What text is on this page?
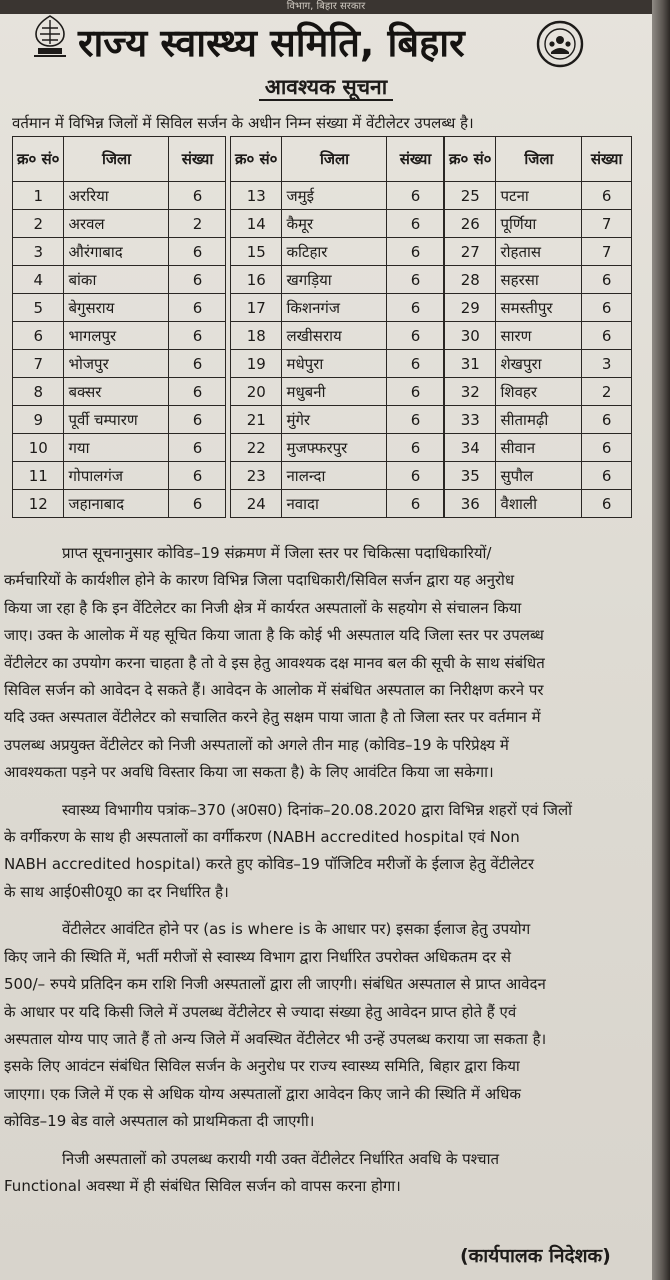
विभाग, बिहार सरकार
राज्य स्वास्थ्य समिति, बिहार
आवश्यक सूचना
वर्तमान में विभिन्न जिलों में सिविल सर्जन के अधीन निम्न संख्या में वेंटीलेटर उपलब्ध है।
क्र० सं०	जिला	संख्या
1	अररिया	6
2	अरवल	2
3	औरंगाबाद	6
4	बांका	6
5	बेगुसराय	6
6	भागलपुर	6
7	भोजपुर	6
8	बक्सर	6
9	पूर्वी चम्पारण	6
10	गया	6
11	गोपालगंज	6
12	जहानाबाद	6
क्र० सं०	जिला	संख्या
13	जमुई	6
14	कैमूर	6
15	कटिहार	6
16	खगड़िया	6
17	किशनगंज	6
18	लखीसराय	6
19	मधेपुरा	6
20	मधुबनी	6
21	मुंगेर	6
22	मुजफ्फरपुर	6
23	नालन्दा	6
24	नवादा	6
क्र० सं०	जिला	संख्या
25	पटना	6
26	पूर्णिया	7
27	रोहतास	7
28	सहरसा	6
29	समस्तीपुर	6
30	सारण	6
31	शेखपुरा	3
32	शिवहर	2
33	सीतामढ़ी	6
34	सीवान	6
35	सुपौल	6
36	वैशाली	6
प्राप्त सूचनानुसार कोविड–19 संक्रमण में जिला स्तर पर चिकित्सा पदाधिकारियों/
कर्मचारियों के कार्यशील होने के कारण विभिन्न जिला पदाधिकारी/सिविल सर्जन द्वारा यह अनुरोध
किया जा रहा है कि इन वेंटिलेटर का निजी क्षेत्र में कार्यरत अस्पतालों के सहयोग से संचालन किया
जाए। उक्त के आलोक में यह सूचित किया जाता है कि कोई भी अस्पताल यदि जिला स्तर पर उपलब्ध
वेंटीलेटर का उपयोग करना चाहता है तो वे इस हेतु आवश्यक दक्ष मानव बल की सूची के साथ संबंधित
सिविल सर्जन को आवेदन दे सकते हैं। आवेदन के आलोक में संबंधित अस्पताल का निरीक्षण करने पर
यदि उक्त अस्पताल वेंटीलेटर को सचालित करने हेतु सक्षम पाया जाता है तो जिला स्तर पर वर्तमान में
उपलब्ध अप्रयुक्त वेंटीलेटर को निजी अस्पतालों को अगले तीन माह (कोविड–19 के परिप्रेक्ष्य में
आवश्यकता पड़ने पर अवधि विस्तार किया जा सकता है) के लिए आवंटित किया जा सकेगा।
स्वास्थ्य विभागीय पत्रांक–370 (अ0स0) दिनांक–20.08.2020 द्वारा विभिन्न शहरों एवं जिलों
के वर्गीकरण के साथ ही अस्पतालों का वर्गीकरण (NABH accredited hospital एवं Non
NABH accredited hospital) करते हुए कोविड–19 पॉजिटिव मरीजों के ईलाज हेतु वेंटीलेटर
के साथ आई0सी0यू0 का दर निर्धारित है।
वेंटीलेटर आवंटित होने पर (as is where is के आधार पर) इसका ईलाज हेतु उपयोग
किए जाने की स्थिति में, भर्ती मरीजों से स्वास्थ्य विभाग द्वारा निर्धारित उपरोक्त अधिकतम दर से
500/– रुपये प्रतिदिन कम राशि निजी अस्पतालों द्वारा ली जाएगी। संबंधित अस्पताल से प्राप्त आवेदन
के आधार पर यदि किसी जिले में उपलब्ध वेंटीलेटर से ज्यादा संख्या हेतु आवेदन प्राप्त होते हैं एवं
अस्पताल योग्य पाए जाते हैं तो अन्य जिले में अवस्थित वेंटीलेटर भी उन्हें उपलब्ध कराया जा सकता है।
इसके लिए आवंटन संबंधित सिविल सर्जन के अनुरोध पर राज्य स्वास्थ्य समिति, बिहार द्वारा किया
जाएगा। एक जिले में एक से अधिक योग्य अस्पतालों द्वारा आवेदन किए जाने की स्थिति में अधिक
कोविड–19 बेड वाले अस्पताल को प्राथमिकता दी जाएगी।
निजी अस्पतालों को उपलब्ध करायी गयी उक्त वेंटीलेटर निर्धारित अवधि के पश्चात
Functional अवस्था में ही संबंधित सिविल सर्जन को वापस करना होगा।
(कार्यपालक निदेशक)
